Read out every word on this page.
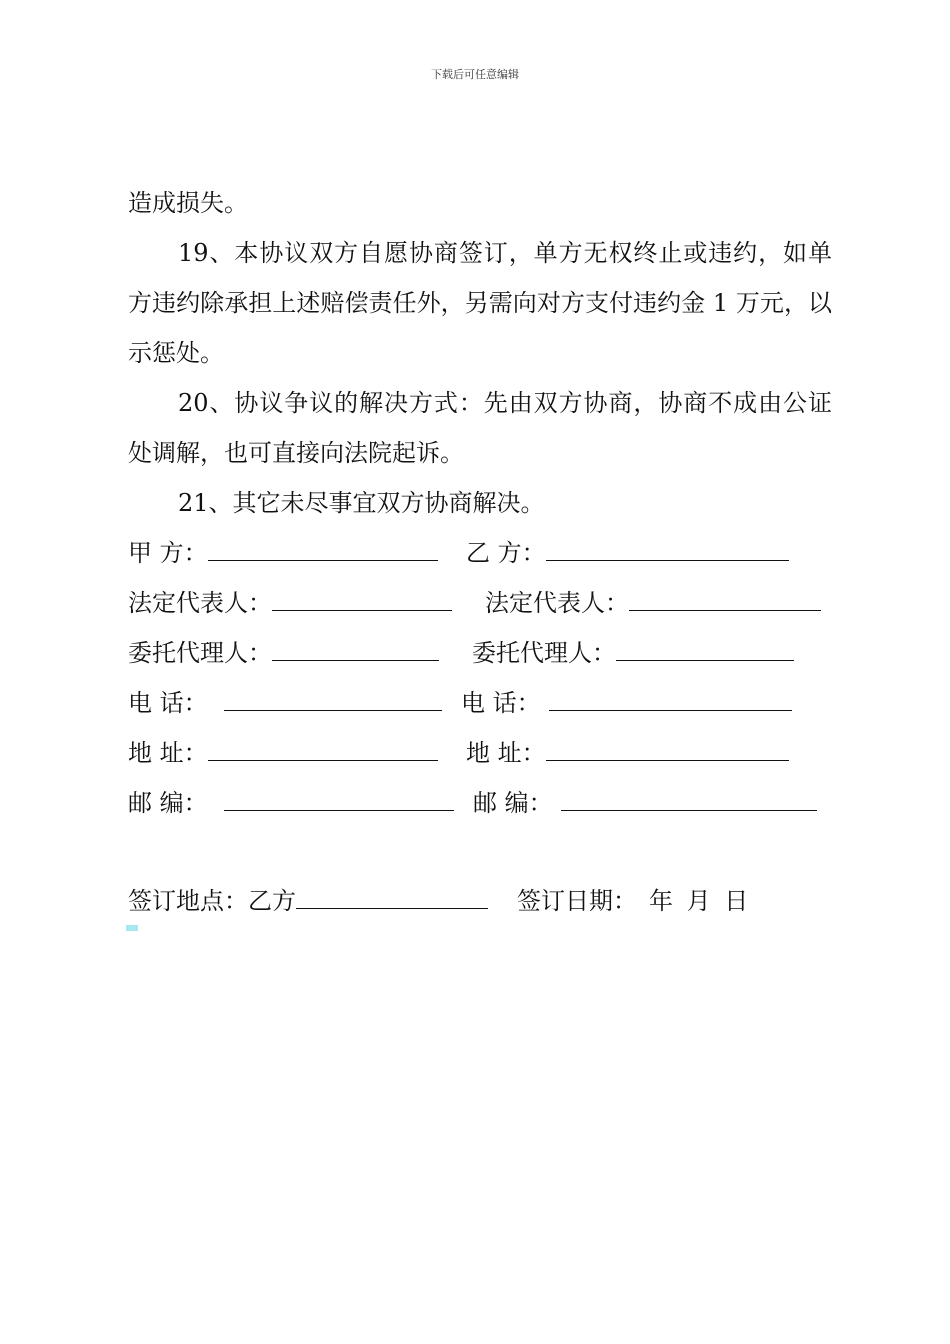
下载后可任意编辑

造成损失。

19、本协议双方自愿协商签订，单方无权终止或违约，如单方违约除承担上述赔偿责任外，另需向对方支付违约金 1 万元，以示惩处。

20、协议争议的解决方式：先由双方协商，协商不成由公证处调解，也可直接向法院起诉。

21、其它未尽事宜双方协商解决。

甲 方：	乙 方：
法定代表人：	法定代表人：
委托代理人：	委托代理人：
电 话：	电 话：
地 址：	地 址：
邮 编：	邮 编：
签订地点：乙方	签订日期： 年 月 日
